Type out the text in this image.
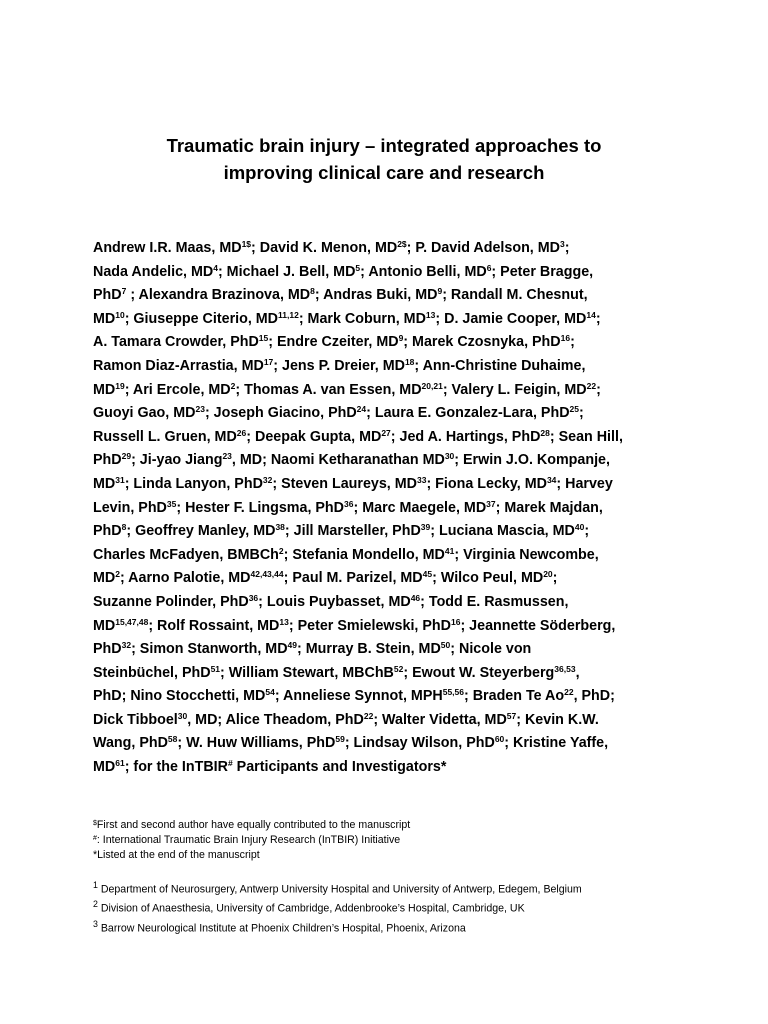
Traumatic brain injury – integrated approaches to
improving clinical care and research
Andrew I.R. Maas, $MD^{1\$}$; David K. Menon, $MD^{2\$}$; P. David Adelson, $MD^3$;
Nada Andelic, $MD^4$; Michael J. Bell, $MD^5$; Antonio Belli, $MD^6$; Peter Bragge,
PhD$^7$ ; Alexandra Brazinova, $MD^8$; Andras Buki, $MD^9$; Randall M. Chesnut,
MD$^{10}$; Giuseppe Citerio, MD$^{11,12}$; Mark Coburn, MD$^{13}$; D. Jamie Cooper, MD$^{14}$;
A. Tamara Crowder, PhD$^{15}$; Endre Czeiter, $MD^9$; Marek Czosnyka, PhD$^{16}$;
Ramon Diaz-Arrastia, MD$^{17}$; Jens P. Dreier, MD$^{18}$; Ann-Christine Duhaime,
MD$^{19}$; Ari Ercole, $MD^2$; Thomas A. van Essen, MD$^{20,21}$; Valery L. Feigin, MD$^{22}$;
Guoyi Gao, MD$^{23}$; Joseph Giacino, PhD$^{24}$; Laura E. Gonzalez-Lara, PhD$^{25}$;
Russell L. Gruen, MD$^{26}$; Deepak Gupta, MD$^{27}$; Jed A. Hartings, PhD$^{28}$; Sean Hill,
PhD$^{29}$; Ji-yao Jiang$^{23}$, MD; Naomi Ketharanathan MD$^{30}$; Erwin J.O. Kompanje,
MD$^{31}$; Linda Lanyon, PhD$^{32}$; Steven Laureys, MD$^{33}$; Fiona Lecky, MD$^{34}$; Harvey
Levin, PhD$^{35}$; Hester F. Lingsma, PhD$^{36}$; Marc Maegele, MD$^{37}$; Marek Majdan,
PhD$^8$; Geoffrey Manley, MD$^{38}$; Jill Marsteller, PhD$^{39}$; Luciana Mascia, MD$^{40}$;
Charles McFadyen, BMBCh$^2$; Stefania Mondello, MD$^{41}$; Virginia Newcombe,
$MD^2$; Aarno Palotie, MD$^{42,43,44}$; Paul M. Parizel, MD$^{45}$; Wilco Peul, MD$^{20}$;
Suzanne Polinder, PhD$^{36}$; Louis Puybasset, MD$^{46}$; Todd E. Rasmussen,
MD$^{15,47,48}$; Rolf Rossaint, MD$^{13}$; Peter Smielewski, PhD$^{16}$; Jeannette Söderberg,
PhD$^{32}$; Simon Stanworth, MD$^{49}$; Murray B. Stein, MD$^{50}$; Nicole von
Steinbüchel, PhD$^{51}$; William Stewart, MBChB$^{52}$; Ewout W. Steyerberg$^{36,53}$,
PhD; Nino Stocchetti, MD$^{54}$; Anneliese Synnot, MPH$^{55,56}$; Braden Te Ao$^{22}$, PhD;
Dick Tibboel$^{30}$, MD; Alice Theadom, PhD$^{22}$; Walter Videtta, MD$^{57}$; Kevin K.W.
Wang, PhD$^{58}$; W. Huw Williams, PhD$^{59}$; Lindsay Wilson, PhD$^{60}$; Kristine Yaffe,
MD$^{61}$; for the InTBIR# Participants and Investigators*
$First and second author have equally contributed to the manuscript
#: International Traumatic Brain Injury Research (InTBIR) Initiative
*Listed at the end of the manuscript
$^1$ Department of Neurosurgery, Antwerp University Hospital and University of Antwerp, Edegem, Belgium
$^2$ Division of Anaesthesia, University of Cambridge, Addenbrooke’s Hospital, Cambridge, UK
$^3$ Barrow Neurological Institute at Phoenix Children’s Hospital, Phoenix, Arizona
